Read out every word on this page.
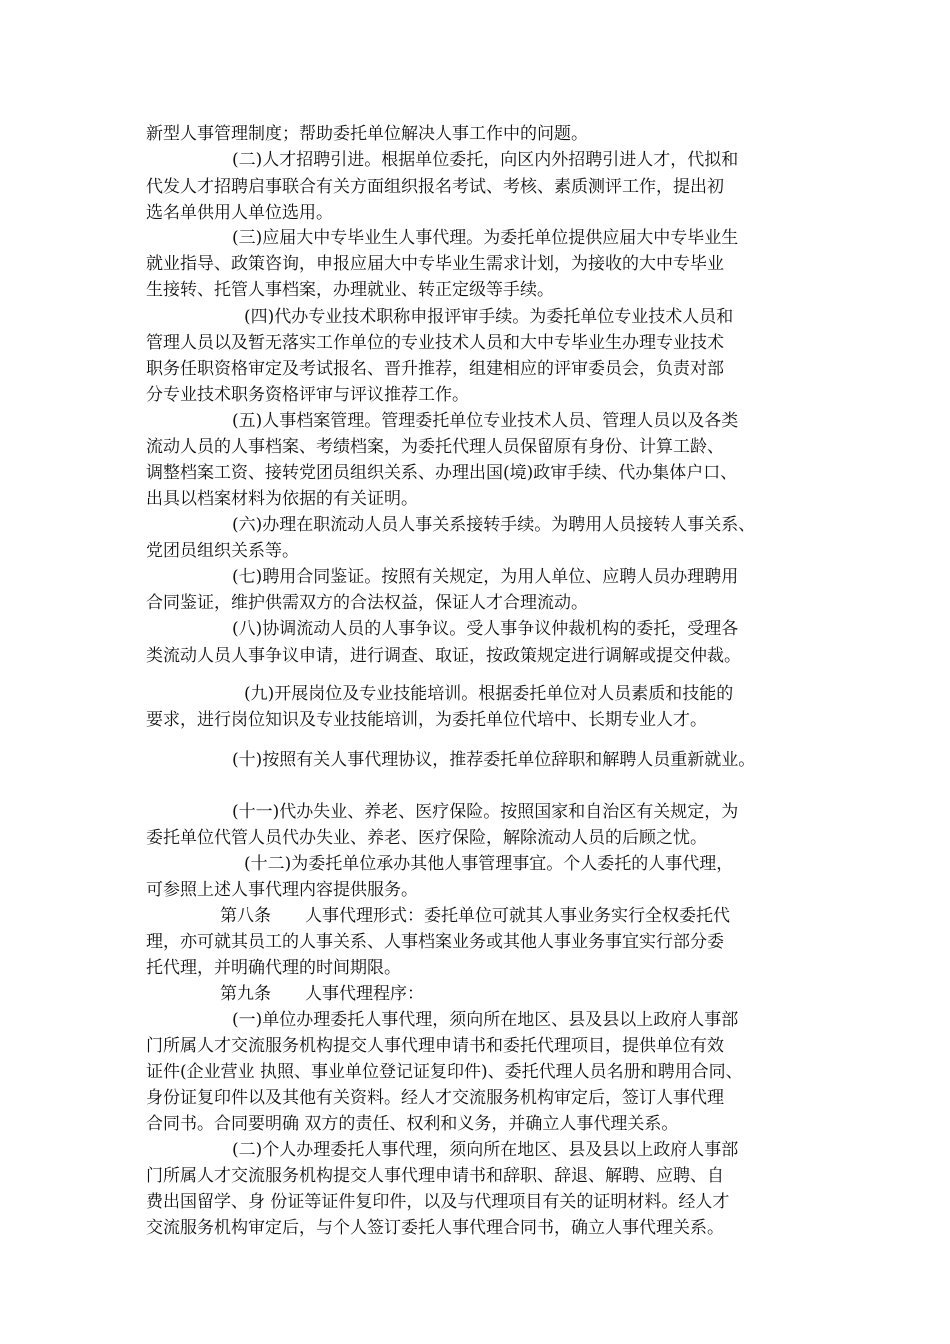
新型人事管理制度；帮助委托单位解决人事工作中的问题。
(二)人才招聘引进。根据单位委托，向区内外招聘引进人才，代拟和
代发人才招聘启事联合有关方面组织报名考试、考核、素质测评工作，提出初
选名单供用人单位选用。
(三)应届大中专毕业生人事代理。为委托单位提供应届大中专毕业生
就业指导、政策咨询，申报应届大中专毕业生需求计划，为接收的大中专毕业
生接转、托管人事档案，办理就业、转正定级等手续。
(四)代办专业技术职称申报评审手续。为委托单位专业技术人员和
管理人员以及暂无落实工作单位的专业技术人员和大中专毕业生办理专业技术
职务任职资格审定及考试报名、晋升推荐，组建相应的评审委员会，负责对部
分专业技术职务资格评审与评议推荐工作。
(五)人事档案管理。管理委托单位专业技术人员、管理人员以及各类
流动人员的人事档案、考绩档案，为委托代理人员保留原有身份、计算工龄、
调整档案工资、接转党团员组织关系、办理出国(境)政审手续、代办集体户口、
出具以档案材料为依据的有关证明。
(六)办理在职流动人员人事关系接转手续。为聘用人员接转人事关系、
党团员组织关系等。
(七)聘用合同鉴证。按照有关规定，为用人单位、应聘人员办理聘用
合同鉴证，维护供需双方的合法权益，保证人才合理流动。
(八)协调流动人员的人事争议。受人事争议仲裁机构的委托，受理各
类流动人员人事争议申请，进行调查、取证，按政策规定进行调解或提交仲裁。
(九)开展岗位及专业技能培训。根据委托单位对人员素质和技能的
要求，进行岗位知识及专业技能培训，为委托单位代培中、长期专业人才。
(十)按照有关人事代理协议，推荐委托单位辞职和解聘人员重新就业。
(十一)代办失业、养老、医疗保险。按照国家和自治区有关规定，为
委托单位代管人员代办失业、养老、医疗保险，解除流动人员的后顾之忧。
(十二)为委托单位承办其他人事管理事宜。个人委托的人事代理，
可参照上述人事代理内容提供服务。
第八条　　人事代理形式：委托单位可就其人事业务实行全权委托代
理，亦可就其员工的人事关系、人事档案业务或其他人事业务事宜实行部分委
托代理，并明确代理的时间期限。
第九条　　人事代理程序：
(一)单位办理委托人事代理，须向所在地区、县及县以上政府人事部
门所属人才交流服务机构提交人事代理申请书和委托代理项目，提供单位有效
证件(企业营业 执照、事业单位登记证复印件)、委托代理人员名册和聘用合同、
身份证复印件以及其他有关资料。经人才交流服务机构审定后，签订人事代理
合同书。合同要明确 双方的责任、权利和义务，并确立人事代理关系。
(二)个人办理委托人事代理，须向所在地区、县及县以上政府人事部
门所属人才交流服务机构提交人事代理申请书和辞职、辞退、解聘、应聘、自
费出国留学、身 份证等证件复印件，以及与代理项目有关的证明材料。经人才
交流服务机构审定后，与个人签订委托人事代理合同书，确立人事代理关系。
